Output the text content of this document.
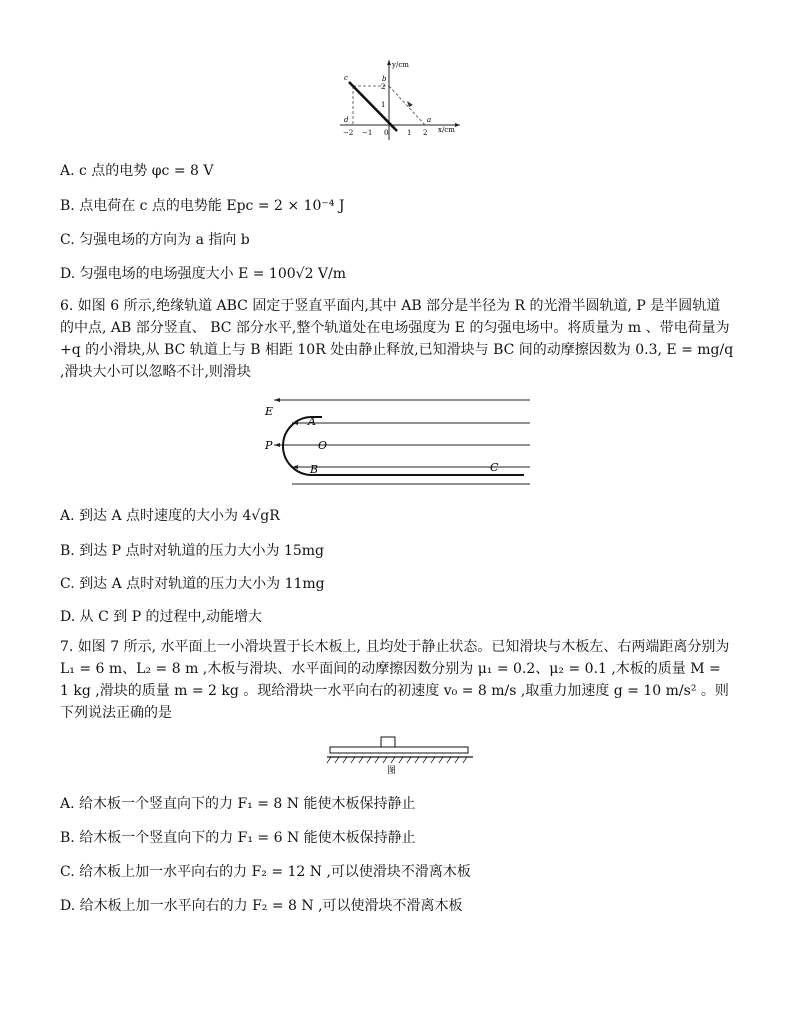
−2 −1 0	1 2
2
1
y/cm
x/cm
b
c
d	a
A. c 点的电势 φc = 8 V
B. 点电荷在 c 点的电势能 Epc = 2 × 10⁻⁴ J
C. 匀强电场的方向为 a 指向 b
D. 匀强电场的电场强度大小 E = 100√2 V/m
6. 如图 6 所示,绝缘轨道 ABC 固定于竖直平面内,其中 AB 部分是半径为 R 的光滑半圆轨道, P 是半圆轨道的中点, AB 部分竖直、 BC 部分水平,整个轨道处在电场强度为 E 的匀强电场中。将质量为 m 、带电荷量为 +q 的小滑块,从 BC 轨道上与 B 相距 10R 处由静止释放,已知滑块与 BC 间的动摩擦因数为 0.3, E = mg/q ,滑块大小可以忽略不计,则滑块
E
A
P	O
B	C
A. 到达 A 点时速度的大小为 4√gR
B. 到达 P 点时对轨道的压力大小为 15mg
C. 到达 A 点时对轨道的压力大小为 11mg
D. 从 C 到 P 的过程中,动能增大
7. 如图 7 所示, 水平面上一小滑块置于长木板上, 且均处于静止状态。已知滑块与木板左、右两端距离分别为 L₁ = 6 m、L₂ = 8 m ,木板与滑块、水平面间的动摩擦因数分别为 μ₁ = 0.2、μ₂ = 0.1 ,木板的质量 M = 1 kg ,滑块的质量 m = 2 kg 。现给滑块一水平向右的初速度 v₀ = 8 m/s ,取重力加速度 g = 10 m/s² 。则下列说法正确的是
图
A. 给木板一个竖直向下的力 F₁ = 8 N 能使木板保持静止
B. 给木板一个竖直向下的力 F₁ = 6 N 能使木板保持静止
C. 给木板上加一水平向右的力 F₂ = 12 N ,可以使滑块不滑离木板
D. 给木板上加一水平向右的力 F₂ = 8 N ,可以使滑块不滑离木板
